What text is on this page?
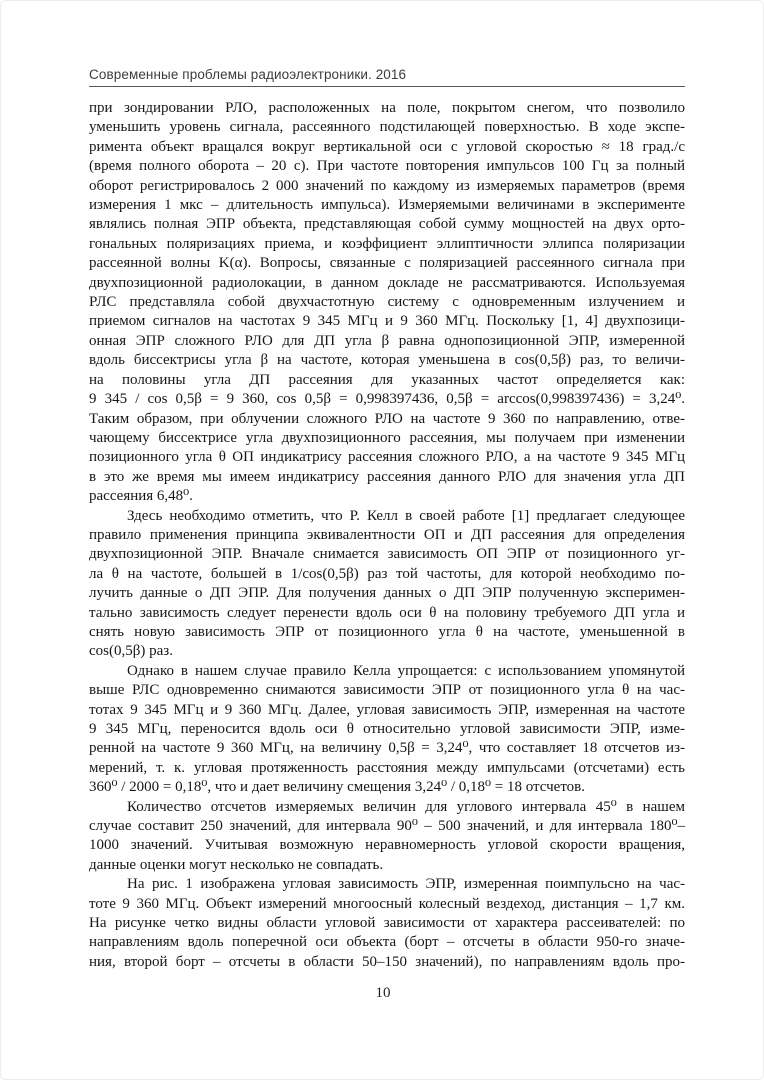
Современные проблемы радиоэлектроники. 2016
при зондировании РЛО, расположенных на поле, покрытом снегом, что позволило
уменьшить уровень сигнала, рассеянного подстилающей поверхностью. В ходе экспе-
римента объект вращался вокруг вертикальной оси с угловой скоростью ≈ 18 град./с
(время полного оборота – 20 с). При частоте повторения импульсов 100 Гц за полный
оборот регистрировалось 2 000 значений по каждому из измеряемых параметров (время
измерения 1 мкс – длительность импульса). Измеряемыми величинами в эксперименте
являлись полная ЭПР объекта, представляющая собой сумму мощностей на двух орто-
гональных поляризациях приема, и коэффициент эллиптичности эллипса поляризации
рассеянной волны K(α). Вопросы, связанные с поляризацией рассеянного сигнала при
двухпозиционной радиолокации, в данном докладе не рассматриваются. Используемая
РЛС представляла собой двухчастотную систему с одновременным излучением и
приемом сигналов на частотах 9 345 МГц и 9 360 МГц. Поскольку [1, 4] двухпозици-
онная ЭПР сложного РЛО для ДП угла β равна однопозиционной ЭПР, измеренной
вдоль биссектрисы угла β на частоте, которая уменьшена в cos(0,5β) раз, то величи-
на половины угла ДП рассеяния для указанных частот определяется как:
9 345 / cos 0,5β = 9 360, cos 0,5β = 0,998397436, 0,5β = arccos(0,998397436) = 3,24⁰.
Таким образом, при облучении сложного РЛО на частоте 9 360 по направлению, отве-
чающему биссектрисе угла двухпозиционного рассеяния, мы получаем при изменении
позиционного угла θ ОП индикатрису рассеяния сложного РЛО, а на частоте 9 345 МГц
в это же время мы имеем индикатрису рассеяния данного РЛО для значения угла ДП
рассеяния 6,48⁰.
Здесь необходимо отметить, что Р. Келл в своей работе [1] предлагает следующее
правило применения принципа эквивалентности ОП и ДП рассеяния для определения
двухпозиционной ЭПР. Вначале снимается зависимость ОП ЭПР от позиционного уг-
ла θ на частоте, большей в 1/cos(0,5β) раз той частоты, для которой необходимо по-
лучить данные о ДП ЭПР. Для получения данных о ДП ЭПР полученную эксперимен-
тально зависимость следует перенести вдоль оси θ на половину требуемого ДП угла и
снять новую зависимость ЭПР от позиционного угла θ на частоте, уменьшенной в
cos(0,5β) раз.
Однако в нашем случае правило Келла упрощается: с использованием упомянутой
выше РЛС одновременно снимаются зависимости ЭПР от позиционного угла θ на час-
тотах 9 345 МГц и 9 360 МГц. Далее, угловая зависимость ЭПР, измеренная на частоте
9 345 МГц, переносится вдоль оси θ относительно угловой зависимости ЭПР, изме-
ренной на частоте 9 360 МГц, на величину 0,5β = 3,24⁰, что составляет 18 отсчетов из-
мерений, т. к. угловая протяженность расстояния между импульсами (отсчетами) есть
360⁰ / 2000 = 0,18⁰, что и дает величину смещения 3,24⁰ / 0,18⁰ = 18 отсчетов.
Количество отсчетов измеряемых величин для углового интервала 45⁰ в нашем
случае составит 250 значений, для интервала 90⁰ – 500 значений, и для интервала 180⁰–
1000 значений. Учитывая возможную неравномерность угловой скорости вращения,
данные оценки могут несколько не совпадать.
На рис. 1 изображена угловая зависимость ЭПР, измеренная поимпульсно на час-
тоте 9 360 МГц. Объект измерений многоосный колесный вездеход, дистанция – 1,7 км.
На рисунке четко видны области угловой зависимости от характера рассеивателей: по
направлениям вдоль поперечной оси объекта (борт – отсчеты в области 950-го значе-
ния, второй борт – отсчеты в области 50–150 значений), по направлениям вдоль про-
10
